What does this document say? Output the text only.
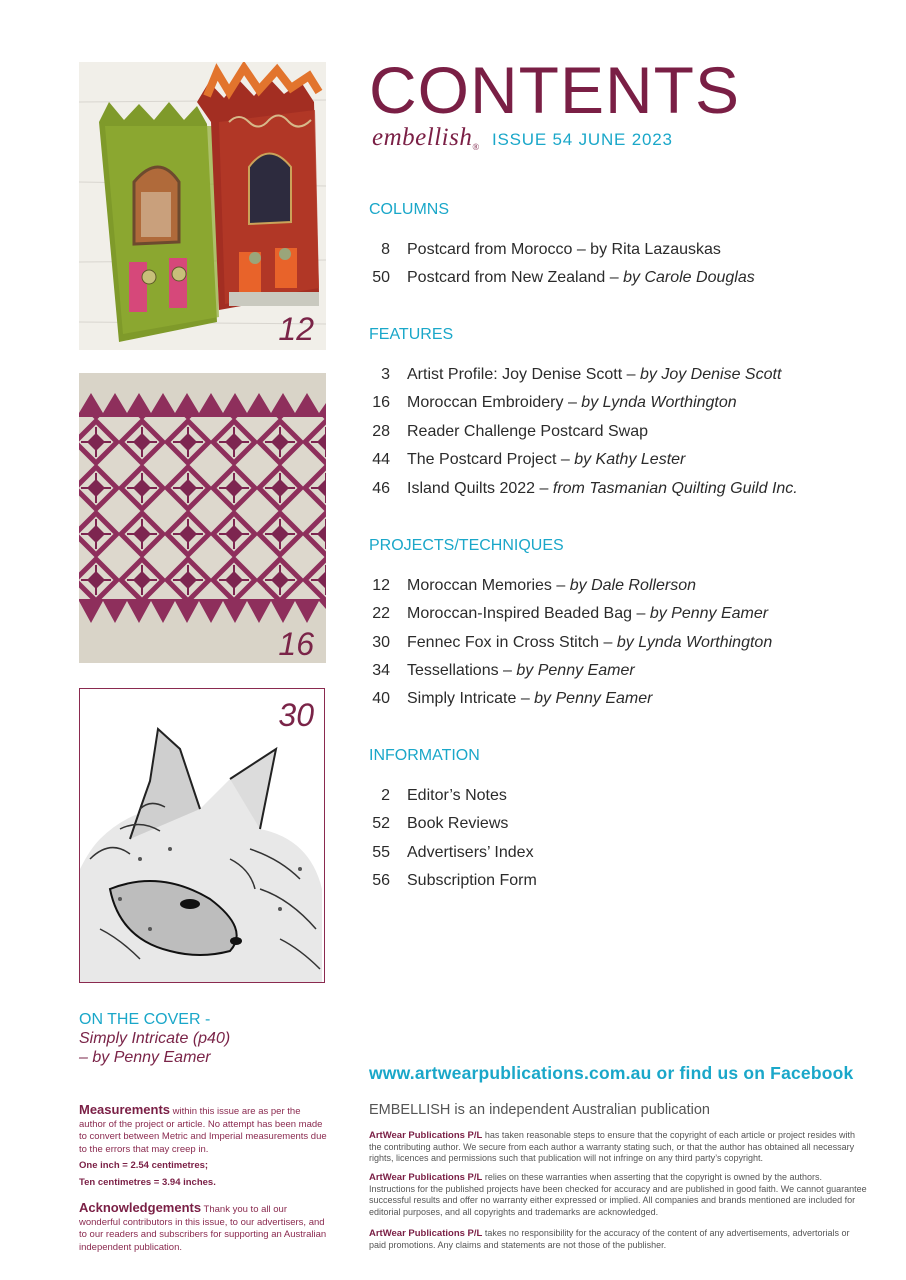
12
16
30
ON THE COVER -
Simply Intricate (p40)
– by Penny Eamer
Measurements within this issue are as per the author of the project or article. No attempt has been made to convert between Metric and Imperial measurements due to the errors that may creep in.
One inch = 2.54 centimetres;
Ten centimetres = 3.94 inches.
Acknowledgements Thank you to all our wonderful contributors in this issue, to our advertisers, and to our readers and subscribers for supporting an Australian independent publication.
CONTENTS
embellish® ISSUE 54 JUNE 2023
COLUMNS
8 Postcard from Morocco – by Rita Lazauskas
50 Postcard from New Zealand – by Carole Douglas
FEATURES
3 Artist Profile: Joy Denise Scott – by Joy Denise Scott
16 Moroccan Embroidery – by Lynda Worthington
28 Reader Challenge Postcard Swap
44 The Postcard Project – by Kathy Lester
46 Island Quilts 2022 – from Tasmanian Quilting Guild Inc.
PROJECTS/TECHNIQUES
12 Moroccan Memories – by Dale Rollerson
22 Moroccan-Inspired Beaded Bag – by Penny Eamer
30 Fennec Fox in Cross Stitch – by Lynda Worthington
34 Tessellations – by Penny Eamer
40 Simply Intricate – by Penny Eamer
INFORMATION
2 Editor’s Notes
52 Book Reviews
55 Advertisers’ Index
56 Subscription Form
www.artwearpublications.com.au or find us on Facebook
EMBELLISH is an independent Australian publication
ArtWear Publications P/L has taken reasonable steps to ensure that the copyright of each article or project resides with the contributing author. We secure from each author a warranty stating such, or that the author has obtained all necessary rights, licences and permissions such that publication will not infringe on any third party’s copyright.
ArtWear Publications P/L relies on these warranties when asserting that the copyright is owned by the authors. Instructions for the published projects have been checked for accuracy and are published in good faith. We cannot guarantee successful results and offer no warranty either expressed or implied. All companies and brands mentioned are included for editorial purposes, and all copyrights and trademarks are acknowledged.
ArtWear Publications P/L takes no responsibility for the accuracy of the content of any advertisements, advertorials or paid promotions. Any claims and statements are not those of the publisher.
